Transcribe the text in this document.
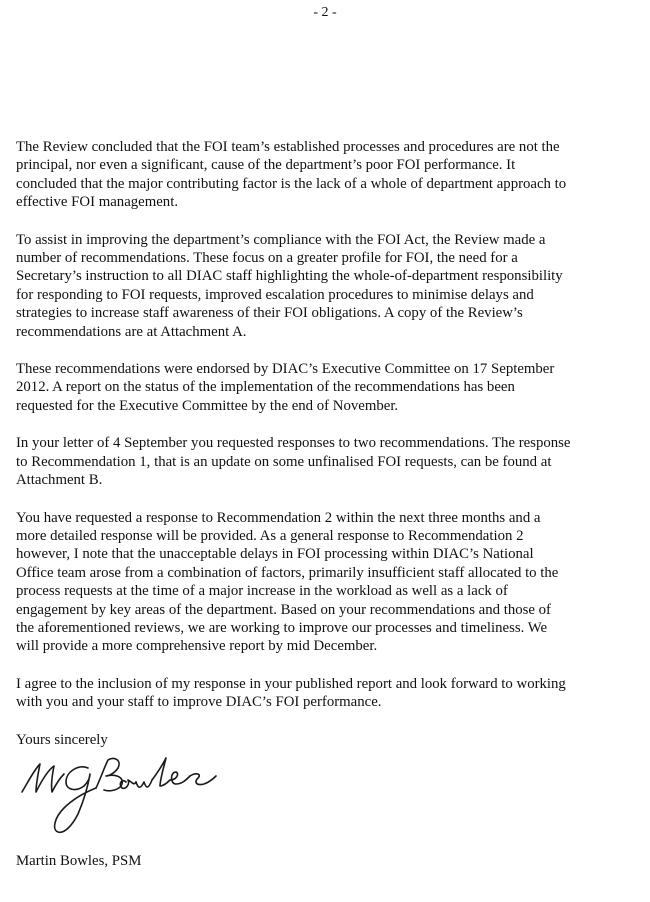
- 2 -

The Review concluded that the FOI team’s established processes and procedures are not the
principal, nor even a significant, cause of the department’s poor FOI performance. It
concluded that the major contributing factor is the lack of a whole of department approach to
effective FOI management.

To assist in improving the department’s compliance with the FOI Act, the Review made a
number of recommendations. These focus on a greater profile for FOI, the need for a
Secretary’s instruction to all DIAC staff highlighting the whole-of-department responsibility
for responding to FOI requests, improved escalation procedures to minimise delays and
strategies to increase staff awareness of their FOI obligations. A copy of the Review’s
recommendations are at Attachment A.

These recommendations were endorsed by DIAC’s Executive Committee on 17 September
2012. A report on the status of the implementation of the recommendations has been
requested for the Executive Committee by the end of November.

In your letter of 4 September you requested responses to two recommendations. The response
to Recommendation 1, that is an update on some unfinalised FOI requests, can be found at
Attachment B.

You have requested a response to Recommendation 2 within the next three months and a
more detailed response will be provided. As a general response to Recommendation 2
however, I note that the unacceptable delays in FOI processing within DIAC’s National
Office team arose from a combination of factors, primarily insufficient staff allocated to the
process requests at the time of a major increase in the workload as well as a lack of
engagement by key areas of the department. Based on your recommendations and those of
the aforementioned reviews, we are working to improve our processes and timeliness. We
will provide a more comprehensive report by mid December.

I agree to the inclusion of my response in your published report and look forward to working
with you and your staff to improve DIAC’s FOI performance.

Yours sincerely

Martin Bowles, PSM
